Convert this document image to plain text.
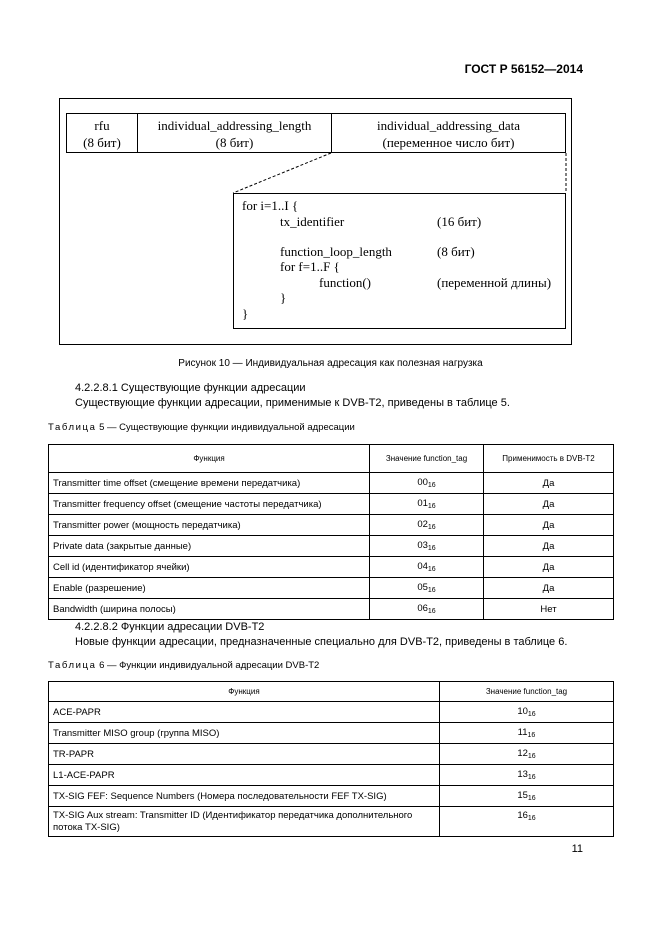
ГОСТ Р 56152—2014
rfu
(8 бит)
individual_addressing_length
(8 бит)
individual_addressing_data
(переменное число бит)
for i=1..I {
tx_identifier	(16 бит)
function_loop_length	(8 бит)
for f=1..F {
function()	(переменной длины)
}
}
Рисунок 10 — Индивидуальная адресация как полезная нагрузка
4.2.2.8.1 Существующие функции адресации
Существующие функции адресации, применимые к DVB-T2, приведены в таблице 5.
Таблица 5 — Существующие функции индивидуальной адресации
Функция	Значение function_tag	Применимость в DVB-T2
Transmitter time offset (смещение времени передатчика)	$00_{16}$	Да
Transmitter frequency offset (смещение частоты передатчика)	$01_{16}$	Да
Transmitter power (мощность передатчика)	$02_{16}$	Да
Private data (закрытые данные)	$03_{16}$	Да
Cell id (идентификатор ячейки)	$04_{16}$	Да
Enable (разрешение)	$05_{16}$	Да
Bandwidth (ширина полосы)	$06_{16}$	Нет
4.2.2.8.2 Функции адресации DVB-T2
Новые функции адресации, предназначенные специально для DVB-T2, приведены в таблице 6.
Таблица 6 — Функции индивидуальной адресации DVB-T2
Функция	Значение function_tag
ACE-PAPR	$10_{16}$
Transmitter MISO group (группа MISO)	$11_{16}$
TR-PAPR	$12_{16}$
L1-ACE-PAPR	$13_{16}$
TX-SIG FEF: Sequence Numbers (Номера последовательности FEF TX-SIG)	$15_{16}$
TX-SIG Aux stream: Transmitter ID (Идентификатор передатчика дополнительного потока TX-SIG)	$16_{16}$
11
